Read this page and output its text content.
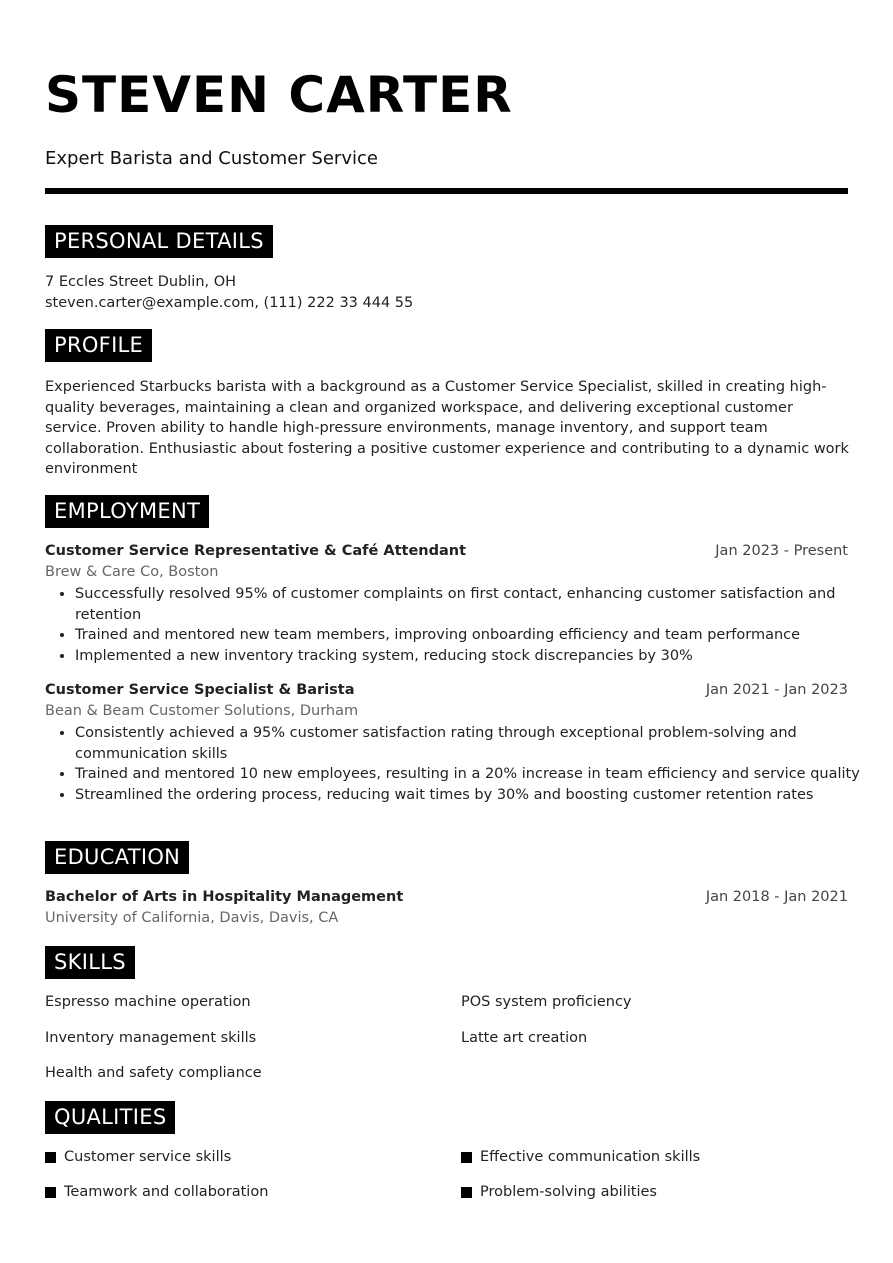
STEVEN CARTER
Expert Barista and Customer Service
PERSONAL DETAILS
7 Eccles Street Dublin, OH
steven.carter@example.com, (111) 222 33 444 55
PROFILE
Experienced Starbucks barista with a background as a Customer Service Specialist, skilled in creating high-quality beverages, maintaining a clean and organized workspace, and delivering exceptional customer service. Proven ability to handle high-pressure environments, manage inventory, and support team collaboration. Enthusiastic about fostering a positive customer experience and contributing to a dynamic work environment
EMPLOYMENT
Customer Service Representative & Café Attendant	Jan 2023 - Present
Brew & Care Co, Boston
• Successfully resolved 95% of customer complaints on first contact, enhancing customer satisfaction and retention
• Trained and mentored new team members, improving onboarding efficiency and team performance
• Implemented a new inventory tracking system, reducing stock discrepancies by 30%
Customer Service Specialist & Barista	Jan 2021 - Jan 2023
Bean & Beam Customer Solutions, Durham
• Consistently achieved a 95% customer satisfaction rating through exceptional problem-solving and communication skills
• Trained and mentored 10 new employees, resulting in a 20% increase in team efficiency and service quality
• Streamlined the ordering process, reducing wait times by 30% and boosting customer retention rates
EDUCATION
Bachelor of Arts in Hospitality Management	Jan 2018 - Jan 2021
University of California, Davis, Davis, CA
SKILLS
Espresso machine operation	POS system proficiency
Inventory management skills	Latte art creation
Health and safety compliance
QUALITIES
Customer service skills	Effective communication skills
Teamwork and collaboration	Problem-solving abilities
